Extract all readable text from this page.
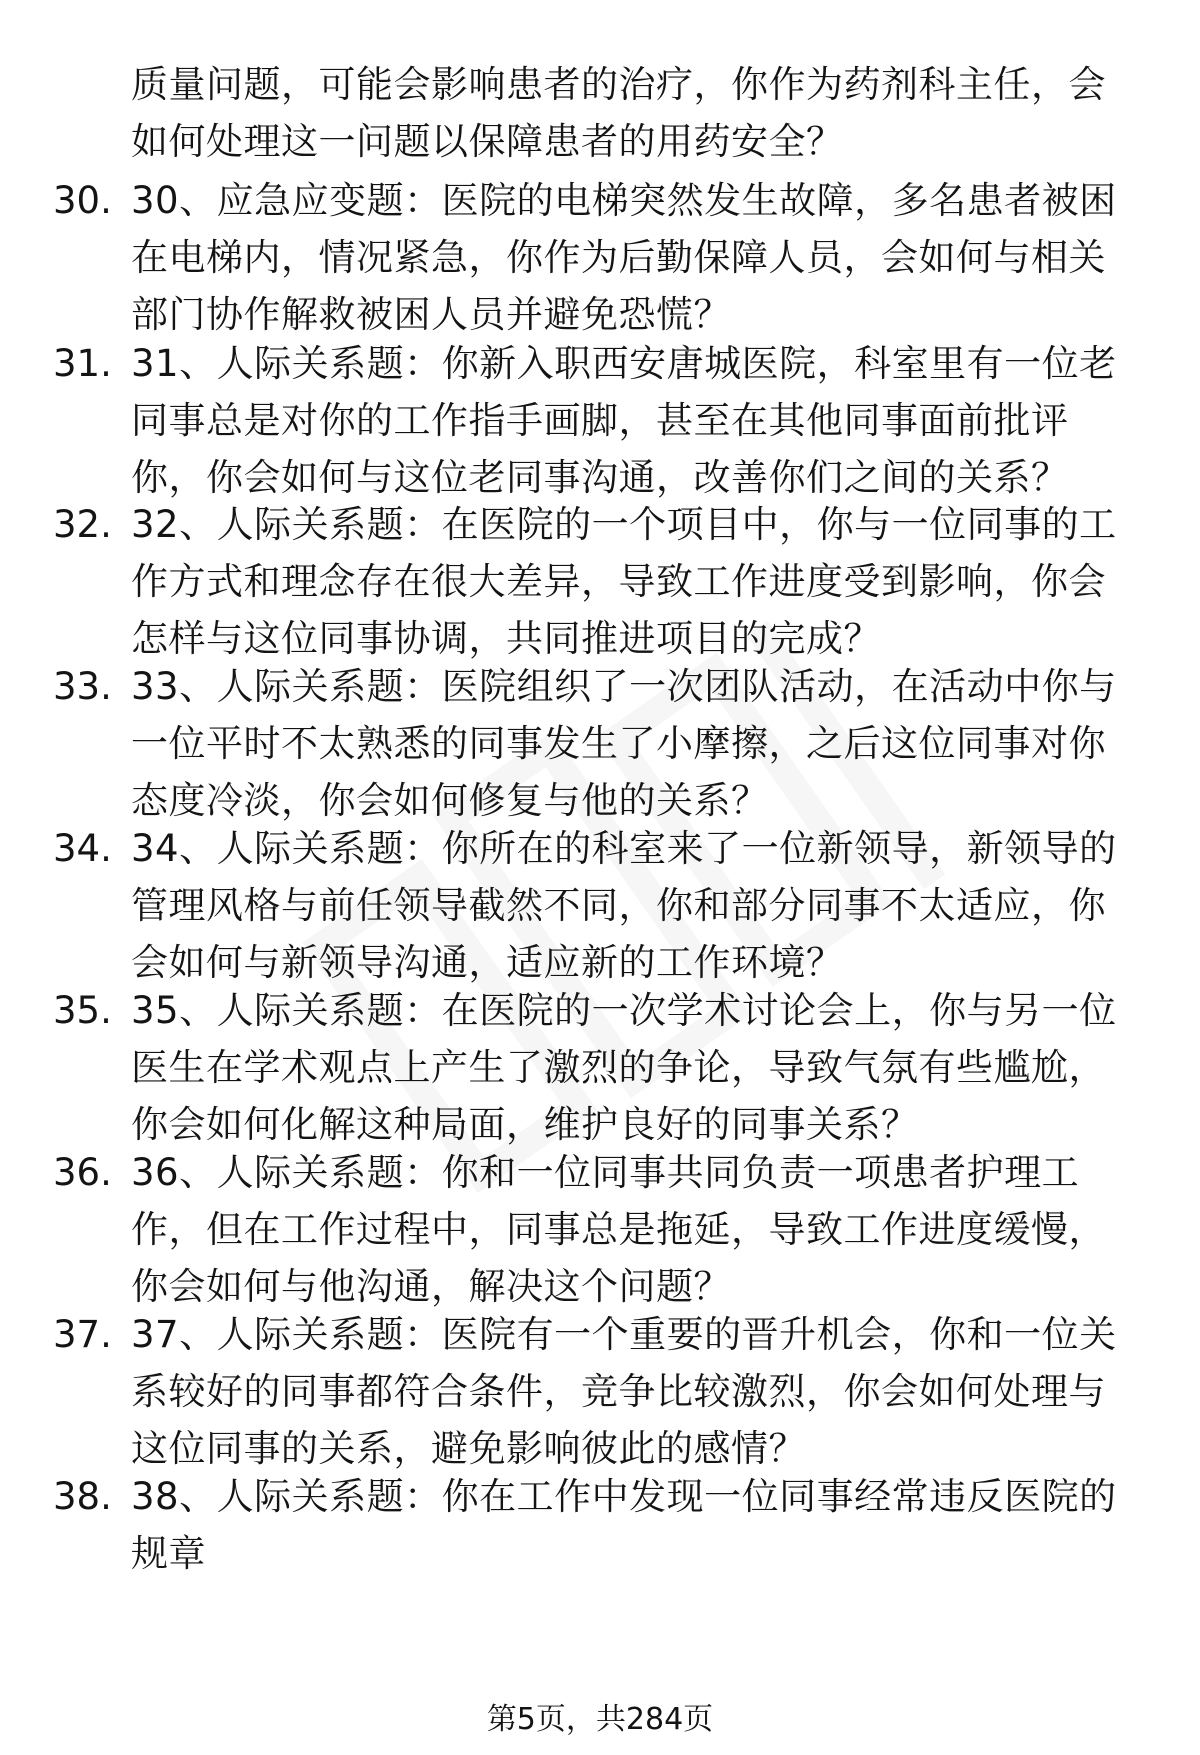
质量问题，可能会影响患者的治疗，你作为药剂科主任，会如何处理这一问题以保障患者的用药安全？
30. 30、应急应变题：医院的电梯突然发生故障，多名患者被困在电梯内，情况紧急，你作为后勤保障人员，会如何与相关部门协作解救被困人员并避免恐慌？
31. 31、人际关系题：你新入职西安唐城医院，科室里有一位老同事总是对你的工作指手画脚，甚至在其他同事面前批评你，你会如何与这位老同事沟通，改善你们之间的关系？
32. 32、人际关系题：在医院的一个项目中，你与一位同事的工作方式和理念存在很大差异，导致工作进度受到影响，你会怎样与这位同事协调，共同推进项目的完成？
33. 33、人际关系题：医院组织了一次团队活动，在活动中你与一位平时不太熟悉的同事发生了小摩擦，之后这位同事对你态度冷淡，你会如何修复与他的关系？
34. 34、人际关系题：你所在的科室来了一位新领导，新领导的管理风格与前任领导截然不同，你和部分同事不太适应，你会如何与新领导沟通，适应新的工作环境？
35. 35、人际关系题：在医院的一次学术讨论会上，你与另一位医生在学术观点上产生了激烈的争论，导致气氛有些尴尬，你会如何化解这种局面，维护良好的同事关系？
36. 36、人际关系题：你和一位同事共同负责一项患者护理工作，但在工作过程中，同事总是拖延，导致工作进度缓慢，你会如何与他沟通，解决这个问题？
37. 37、人际关系题：医院有一个重要的晋升机会，你和一位关系较好的同事都符合条件，竞争比较激烈，你会如何处理与这位同事的关系，避免影响彼此的感情？
38. 38、人际关系题：你在工作中发现一位同事经常违反医院的规章
第5页，共284页
